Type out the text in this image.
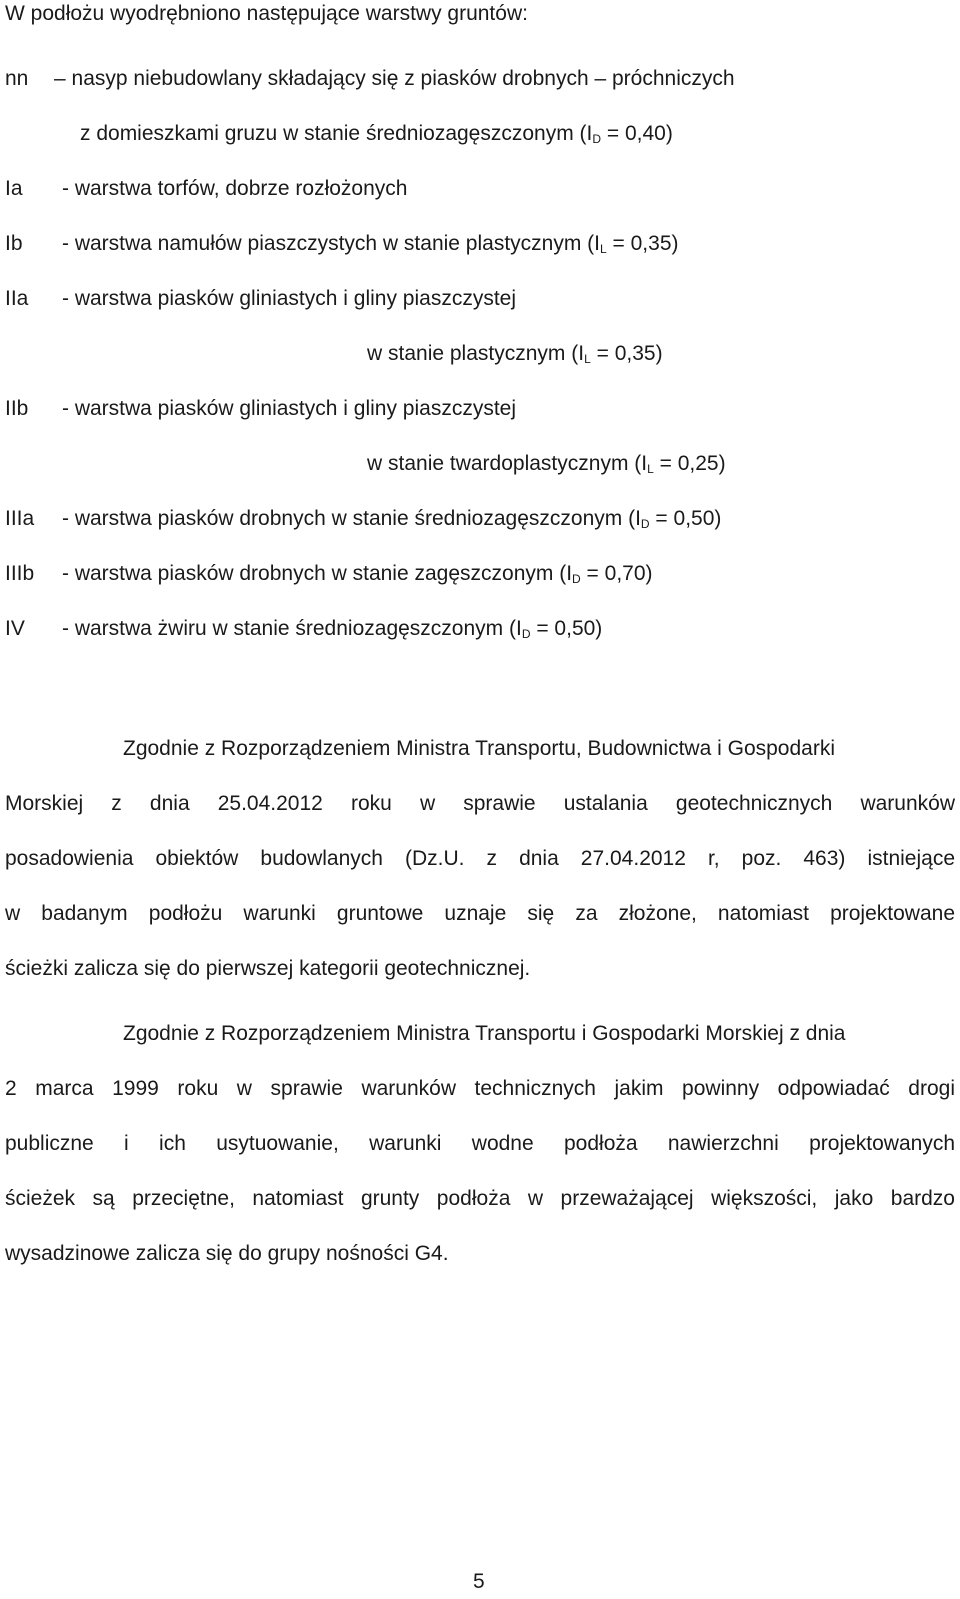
W podłożu wyodrębniono następujące warstwy gruntów:
nn – nasyp niebudowlany składający się z piasków drobnych – próchniczych
z domieszkami gruzu w stanie średniozagęszczonym $(I_D = 0,40)$
Ia - warstwa torfów, dobrze rozłożonych
Ib - warstwa namułów piaszczystych w stanie plastycznym $(I_L = 0,35)$
IIa - warstwa piasków gliniastych i gliny piaszczystej
w stanie plastycznym $(I_L = 0,35)$
IIb - warstwa piasków gliniastych i gliny piaszczystej
w stanie twardoplastycznym $(I_L = 0,25)$
IIIa - warstwa piasków drobnych w stanie średniozagęszczonym $(I_D = 0,50)$
IIIb - warstwa piasków drobnych w stanie zagęszczonym $(I_D = 0,70)$
IV - warstwa żwiru w stanie średniozagęszczonym $(I_D = 0,50)$
Zgodnie z Rozporządzeniem Ministra Transportu, Budownictwa i Gospodarki
Morskiej z dnia 25.04.2012 roku w sprawie ustalania geotechnicznych warunków
posadowienia obiektów budowlanych (Dz.U. z dnia 27.04.2012 r, poz. 463) istniejące
w badanym podłożu warunki gruntowe uznaje się za złożone, natomiast projektowane
ścieżki zalicza się do pierwszej kategorii geotechnicznej.
Zgodnie z Rozporządzeniem Ministra Transportu i Gospodarki Morskiej z dnia
2 marca 1999 roku w sprawie warunków technicznych jakim powinny odpowiadać drogi
publiczne i ich usytuowanie, warunki wodne podłoża nawierzchni projektowanych
ścieżek są przeciętne, natomiast grunty podłoża w przeważającej większości, jako bardzo
wysadzinowe zalicza się do grupy nośności G4.
5
